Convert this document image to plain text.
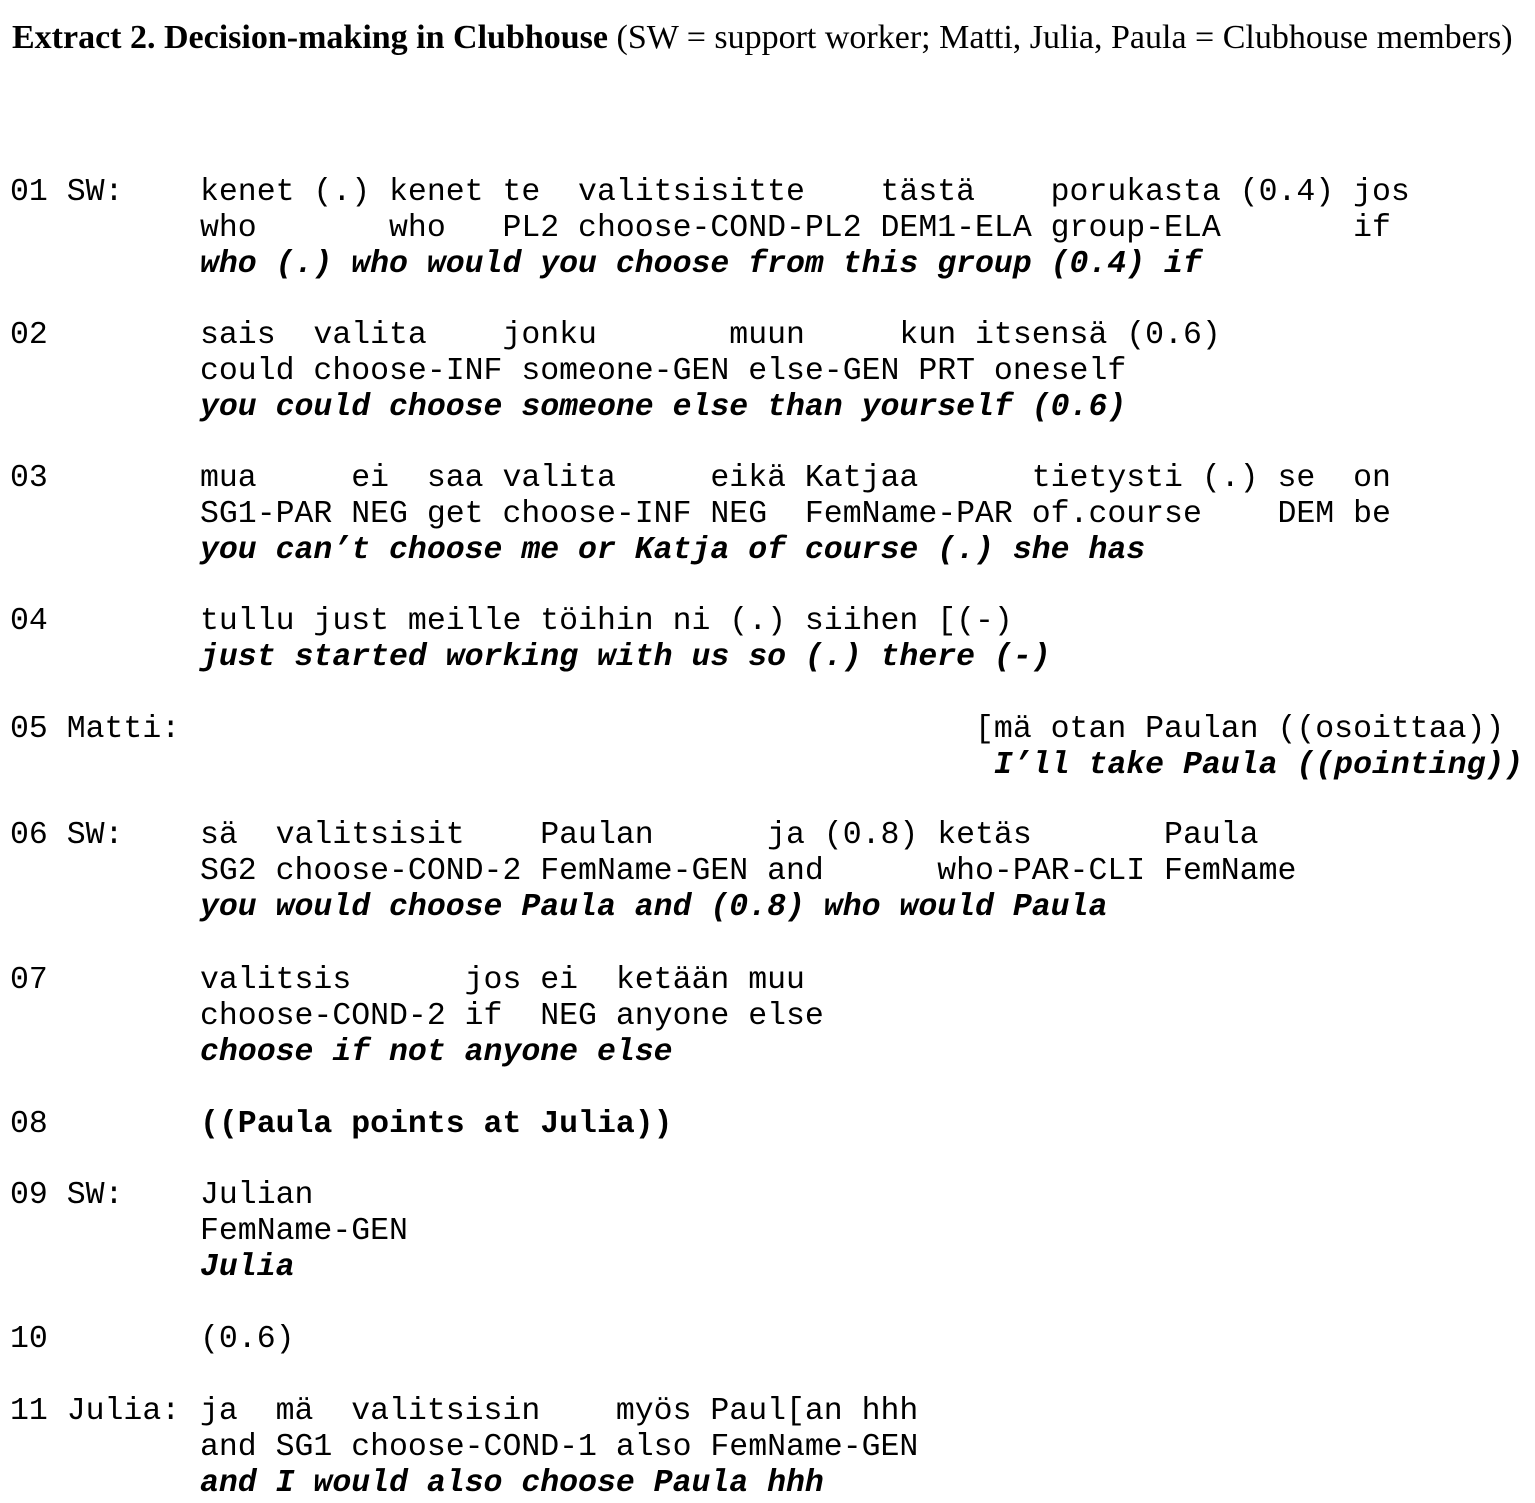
Extract 2. Decision-making in Clubhouse (SW = support worker; Matti, Julia, Paula = Clubhouse members)

01 SW: kenet (.) kenet te  valitsisitte    tästä    porukasta (0.4) jos
who       who   PL2 choose-COND-PL2 DEM1-ELA group-ELA       if
who (.) who would you choose from this group (0.4) if
02	sais  valita    jonku       muun     kun itsensä (0.6)
could choose-INF someone-GEN else-GEN PRT oneself
you could choose someone else than yourself (0.6)
03	mua     ei  saa valita     eikä Katjaa      tietysti (.) se  on
SG1-PAR NEG get choose-INF NEG  FemName-PAR of.course    DEM be
you can’t choose me or Katja of course (.) she has
04	tullu just meille töihin ni (.) siihen [(-)
just started working with us so (.) there (-)
05 Matti: [mä otan Paulan ((osoittaa))
I’ll take Paula ((pointing))
06 SW: sä  valitsisit    Paulan      ja (0.8) ketäs       Paula
SG2 choose-COND-2 FemName-GEN and      who-PAR-CLI FemName
you would choose Paula and (0.8) who would Paula
07	valitsis      jos ei  ketään muu
choose-COND-2 if  NEG anyone else
choose if not anyone else
08	((Paula points at Julia))
09 SW: Julian
FemName-GEN
Julia
10	(0.6)
11 Julia: ja  mä  valitsisin    myös Paul[an hhh
and SG1 choose-COND-1 also FemName-GEN
and I would also choose Paula hhh
